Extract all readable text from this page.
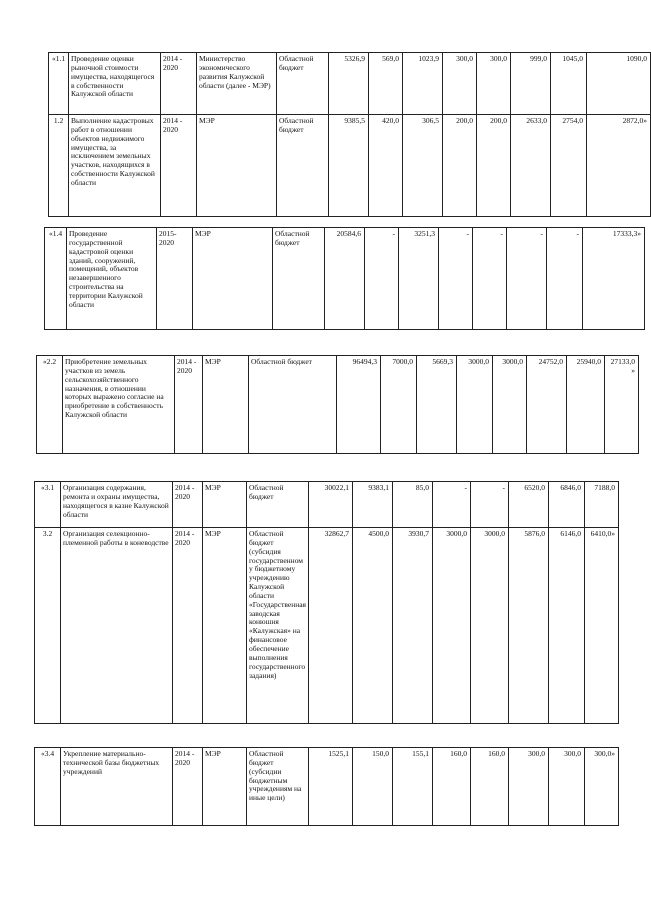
«1.1	Проведение оценки рыночной стоимости имущества, находящегося в собственности Калужской области	2014 - 2020	Министерство экономического развития Калужской области (далее - МЭР)	Областной бюджет	5326,9	569,0	1023,9	300,0	300,0	999,0	1045,0	1090,0
1.2	Выполнение кадастровых работ в отношении объектов недвижимого имущества, за исключением земельных участков, находящихся в собственности Калужской области	2014 - 2020	МЭР	Областной бюджет	9385,5	420,0	306,5	200,0	200,0	2633,0	2754,0	2872,0»
«1.4	Проведение государственной кадастровой оценки зданий, сооружений, помещений, объектов незавершенного строительства на территории Калужской области	2015- 2020	МЭР	Областной бюджет	20584,6	-	3251,3	-	-	-	-	17333,3»
«2.2	Приобретение земельных участков из земель сельскохозяйственного назначения, в отношении которых выражено согласие на приобретение в собственность Калужской области	2014 - 2020	МЭР	Областной бюджет	96494,3	7000,0	5669,3	3000,0	3000,0	24752,0	25940,0	27133,0»
«3.1	Организация содержания, ремонта и охраны имущества, находящегося в казне Калужской области	2014 - 2020	МЭР	Областной бюджет	30022,1	9383,1	85,0	-	-	6520,0	6846,0	7188,0
3.2	Организация селекционно-племенной работы в коневодстве	2014 - 2020	МЭР	Областной бюджет (субсидия государственному бюджетному учреждению Калужской области «Государственная заводская конюшня «Калужская» на финансовое обеспечение выполнения государственного задания)	32862,7	4500,0	3930,7	3000,0	3000,0	5876,0	6146,0	6410,0»
«3.4	Укрепление материально-технической базы бюджетных учреждений	2014 - 2020	МЭР	Областной бюджет (субсидии бюджетным учреждениям на иные цели)	1525,1	150,0	155,1	160,0	160,0	300,0	300,0	300,0»
